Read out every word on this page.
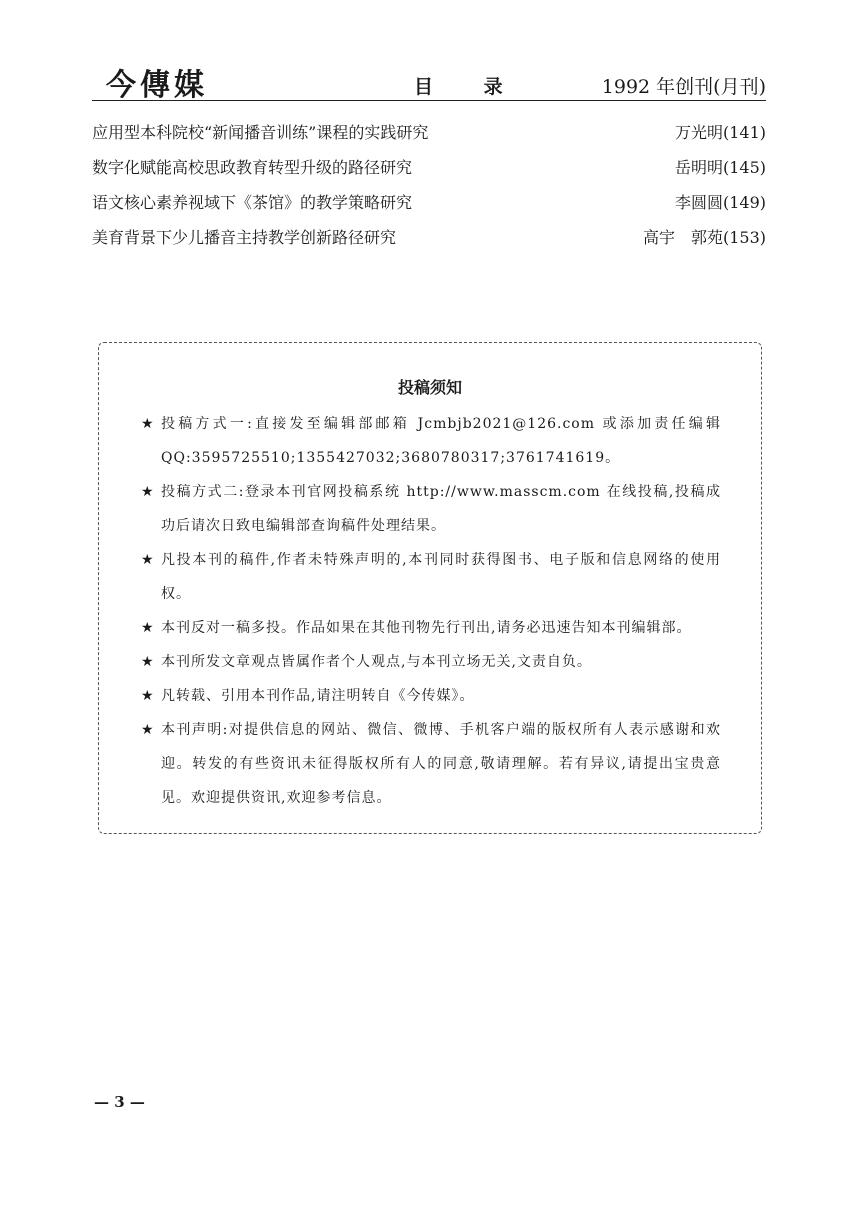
今傳媒	目 录	1992 年创刊(月刊)
应用型本科院校“新闻播音训练”课程的实践研究	万光明(141)
数字化赋能高校思政教育转型升级的路径研究	岳明明(145)
语文核心素养视域下《茶馆》的教学策略研究	李圆圆(149)
美育背景下少儿播音主持教学创新路径研究	高宇　郭苑(153)
投稿须知
★ 投稿方式一:直接发至编辑部邮箱 Jcmbjb2021@126.com 或添加责任编辑 QQ:3595725510;1355427032;3680780317;3761741619。
★ 投稿方式二:登录本刊官网投稿系统 http://www.masscm.com 在线投稿,投稿成功后请次日致电编辑部查询稿件处理结果。
★ 凡投本刊的稿件,作者未特殊声明的,本刊同时获得图书、电子版和信息网络的使用权。
★ 本刊反对一稿多投。作品如果在其他刊物先行刊出,请务必迅速告知本刊编辑部。
★ 本刊所发文章观点皆属作者个人观点,与本刊立场无关,文责自负。
★ 凡转载、引用本刊作品,请注明转自《今传媒》。
★ 本刊声明:对提供信息的网站、微信、微博、手机客户端的版权所有人表示感谢和欢迎。转发的有些资讯未征得版权所有人的同意,敬请理解。若有异议,请提出宝贵意见。欢迎提供资讯,欢迎参考信息。
— 3 —
